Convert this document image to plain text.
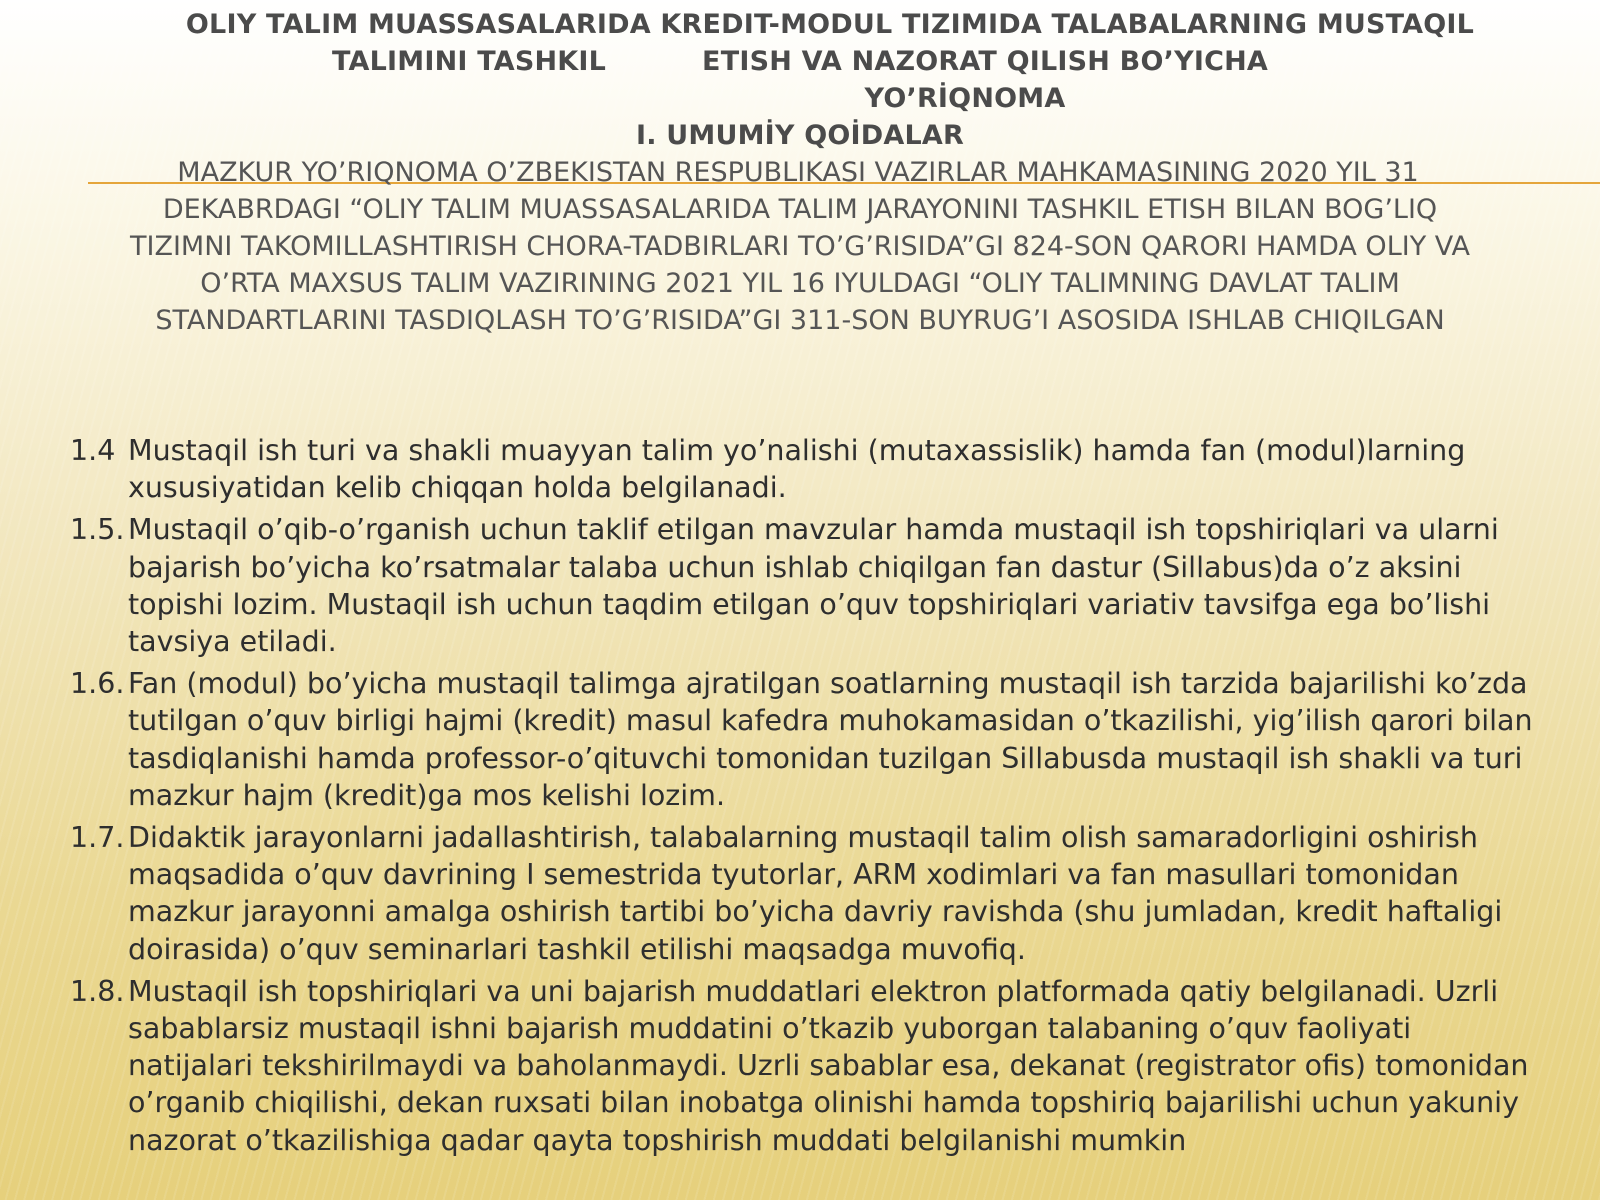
OLIY TALIM MUASSASALARIDA KREDIT-MODUL TIZIMIDA TALABALARNING MUSTAQIL
TALIMINI TASHKIL          ETISH VA NAZORAT QILISH BO’YICHA
YO’RİQNOMA
I. UMUMİY QOİDALAR
MAZKUR YO’RIQNOMA O’ZBEKISTAN RESPUBLIKASI VAZIRLAR MAHKAMASINING 2020 YIL 31
DEKABRDAGI “OLIY TALIM MUASSASALARIDA TALIM JARAYONINI TASHKIL ETISH BILAN BOG’LIQ
TIZIMNI TAKOMILLASHTIRISH CHORA-TADBIRLARI TO’G’RISIDA”GI 824-SON QARORI HAMDA OLIY VA
O’RTA MAXSUS TALIM VAZIRINING 2021 YIL 16 IYULDAGI “OLIY TALIMNING DAVLAT TALIM
STANDARTLARINI TASDIQLASH TO’G’RISIDA”GI 311-SON BUYRUG’I ASOSIDA ISHLAB CHIQILGAN
1.4 Mustaqil ish turi va shakli muayyan talim yo’nalishi (mutaxassislik) hamda fan (modul)larning
xususiyatidan kelib chiqqan holda belgilanadi.
1.5. Mustaqil o’qib-o’rganish uchun taklif etilgan mavzular hamda mustaqil ish topshiriqlari va ularni
bajarish bo’yicha ko’rsatmalar talaba uchun ishlab chiqilgan fan dastur (Sillabus)da o’z aksini
topishi lozim. Mustaqil ish uchun taqdim etilgan o’quv topshiriqlari variativ tavsifga ega bo’lishi
tavsiya etiladi.
1.6. Fan (modul) bo’yicha mustaqil talimga ajratilgan soatlarning mustaqil ish tarzida bajarilishi ko’zda
tutilgan o’quv birligi hajmi (kredit) masul kafedra muhokamasidan o’tkazilishi, yig’ilish qarori bilan
tasdiqlanishi hamda professor-o’qituvchi tomonidan tuzilgan Sillabusda mustaqil ish shakli va turi
mazkur hajm (kredit)ga mos kelishi lozim.
1.7. Didaktik jarayonlarni jadallashtirish, talabalarning mustaqil talim olish samaradorligini oshirish
maqsadida o’quv davrining I semestrida tyutorlar, ARM xodimlari va fan masullari tomonidan
mazkur jarayonni amalga oshirish tartibi bo’yicha davriy ravishda (shu jumladan, kredit haftaligi
doirasida) o’quv seminarlari tashkil etilishi maqsadga muvofiq.
1.8. Mustaqil ish topshiriqlari va uni bajarish muddatlari elektron platformada qatiy belgilanadi. Uzrli
sabablarsiz mustaqil ishni bajarish muddatini o’tkazib yuborgan talabaning o’quv faoliyati
natijalari tekshirilmaydi va baholanmaydi. Uzrli sabablar esa, dekanat (registrator ofis) tomonidan
o’rganib chiqilishi, dekan ruxsati bilan inobatga olinishi hamda topshiriq bajarilishi uchun yakuniy
nazorat o’tkazilishiga qadar qayta topshirish muddati belgilanishi mumkin
